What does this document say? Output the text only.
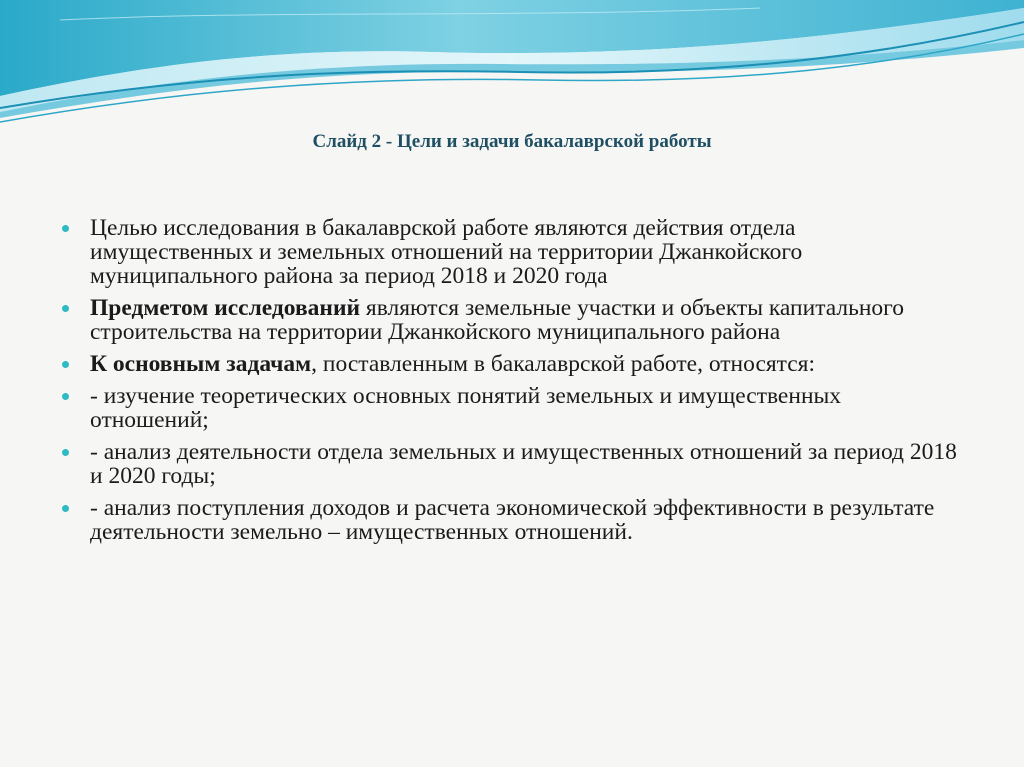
Слайд 2 - Цели и задачи бакалаврской работы
Целью исследования в бакалаврской работе являются действия отдела имущественных и земельных отношений на территории Джанкойского муниципального района за период 2018 и 2020 года
Предметом исследований являются земельные участки и объекты капитального строительства на территории Джанкойского муниципального района
К основным задачам, поставленным в бакалаврской работе, относятся:
- изучение теоретических основных понятий земельных и имущественных отношений;
- анализ деятельности отдела земельных и имущественных отношений за период 2018 и 2020 годы;
- анализ поступления доходов и расчета экономической эффективности в результате деятельности земельно – имущественных отношений.
